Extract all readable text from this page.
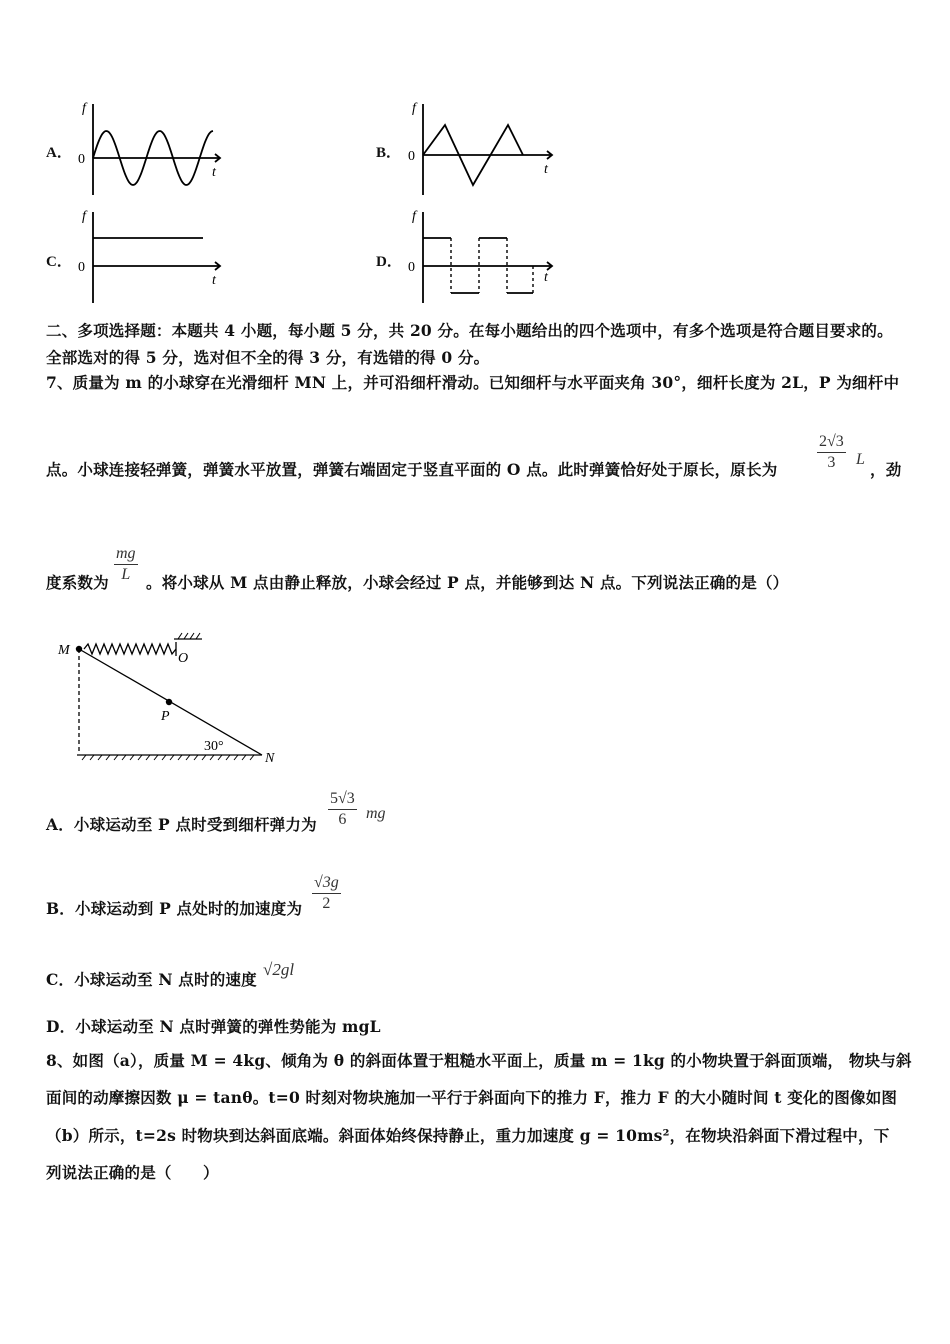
A．
f
t
0	B．
f
t
0
C．
f
t
0	D．
f
t
0
二、多项选择题：本题共 4 小题，每小题 5 分，共 20 分。在每小题给出的四个选项中，有多个选项是符合题目要求的。
全部选对的得 5 分，选对但不全的得 3 分，有选错的得 0 分。
7、质量为 m 的小球穿在光滑细杆 MN 上，并可沿细杆滑动。已知细杆与水平面夹角 30°，细杆长度为 2L，P 为细杆中
点。小球连接轻弹簧，弹簧水平放置，弹簧右端固定于竖直平面的 O 点。此时弹簧恰好处于原长，原长为
2√3
3	L
，劲
度系数为
mg
L	。将小球从 M 点由静止释放，小球会经过 P 点，并能够到达 N 点。下列说法正确的是（）
M
O
P
N
30°
A．小球运动至 P 点时受到细杆弹力为
5√3
6	mg
B．小球运动到 P 点处时的加速度为
√3g
2
C．小球运动至 N 点时的速度
√2gl
D．小球运动至 N 点时弹簧的弹性势能为 mgL
8、如图（a），质量 M = 4kg、倾角为 θ 的斜面体置于粗糙水平面上，质量 m = 1kg 的小物块置于斜面顶端， 物块与斜
面间的动摩擦因数 μ = tanθ。t=0 时刻对物块施加一平行于斜面向下的推力 F，推力 F 的大小随时间 t 变化的图像如图
（b）所示，t=2s 时物块到达斜面底端。斜面体始终保持静止，重力加速度 g = 10ms²，在物块沿斜面下滑过程中，下
列说法正确的是（　　）
